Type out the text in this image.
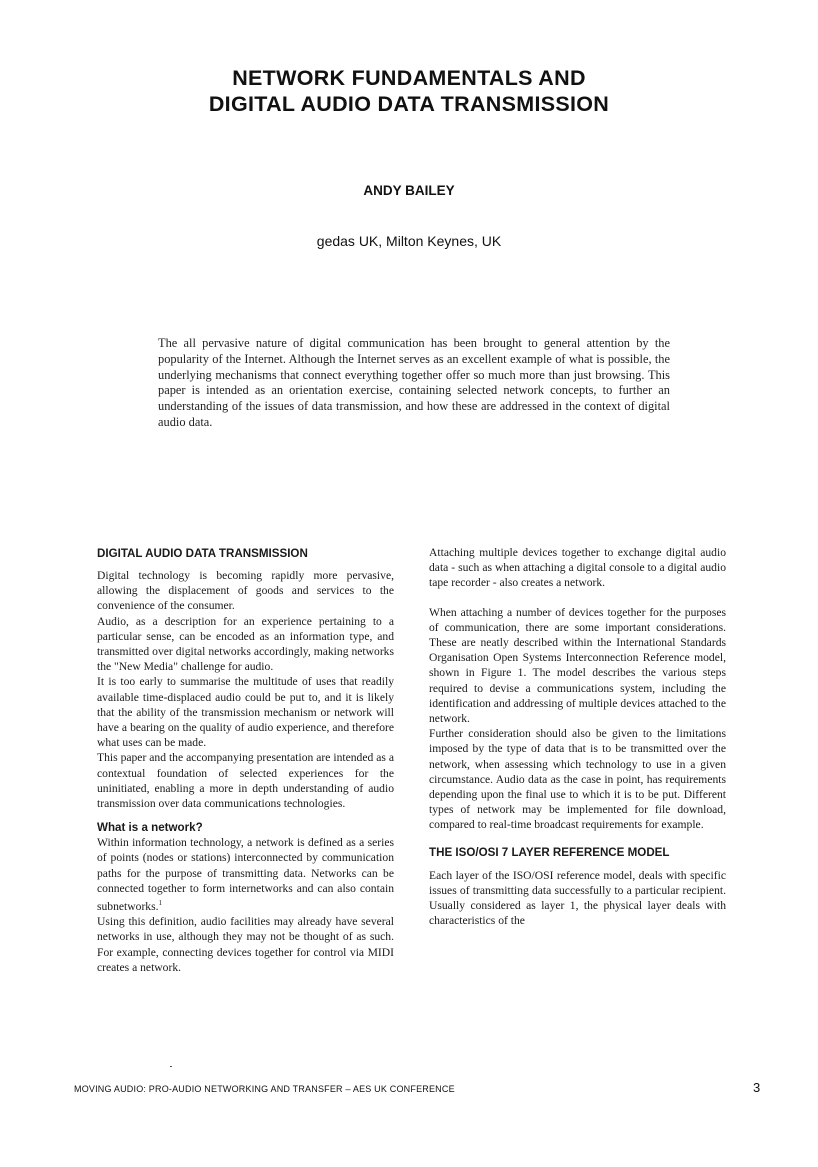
NETWORK FUNDAMENTALS AND
DIGITAL AUDIO DATA TRANSMISSION
ANDY BAILEY
gedas UK, Milton Keynes, UK
The all pervasive nature of digital communication has been brought to general attention by the popularity of the Internet. Although the Internet serves as an excellent example of what is possible, the underlying mechanisms that connect everything together offer so much more than just browsing. This paper is intended as an orientation exercise, containing selected network concepts, to further an understanding of the issues of data transmission, and how these are addressed in the context of digital audio data.
DIGITAL AUDIO DATA TRANSMISSION

Digital technology is becoming rapidly more pervasive, allowing the displacement of goods and services to the convenience of the consumer.

Audio, as a description for an experience pertaining to a particular sense, can be encoded as an information type, and transmitted over digital networks accordingly, making networks the "New Media" challenge for audio.

It is too early to summarise the multitude of uses that readily available time-displaced audio could be put to, and it is likely that the ability of the transmission mechanism or network will have a bearing on the quality of audio experience, and therefore what uses can be made.

This paper and the accompanying presentation are intended as a contextual foundation of selected experiences for the uninitiated, enabling a more in depth understanding of audio transmission over data communications technologies.

What is a network?

Within information technology, a network is defined as a series of points (nodes or stations) interconnected by communication paths for the purpose of transmitting data. Networks can be connected together to form internetworks and can also contain subnetworks.$^1$

Using this definition, audio facilities may already have several networks in use, although they may not be thought of as such. For example, connecting devices together for control via MIDI creates a network.

Attaching multiple devices together to exchange digital audio data - such as when attaching a digital console to a digital audio tape recorder - also creates a network.

When attaching a number of devices together for the purposes of communication, there are some important considerations. These are neatly described within the International Standards Organisation Open Systems Interconnection Reference model, shown in Figure 1. The model describes the various steps required to devise a communications system, including the identification and addressing of multiple devices attached to the network.

Further consideration should also be given to the limitations imposed by the type of data that is to be transmitted over the network, when assessing which technology to use in a given circumstance. Audio data as the case in point, has requirements depending upon the final use to which it is to be put. Different types of network may be implemented for file download, compared to real-time broadcast requirements for example.

THE ISO/OSI 7 LAYER REFERENCE MODEL

Each layer of the ISO/OSI reference model, deals with specific issues of transmitting data successfully to a particular recipient. Usually considered as layer 1, the physical layer deals with characteristics of the

MOVING AUDIO: PRO-AUDIO NETWORKING AND TRANSFER – AES UK CONFERENCE	3
